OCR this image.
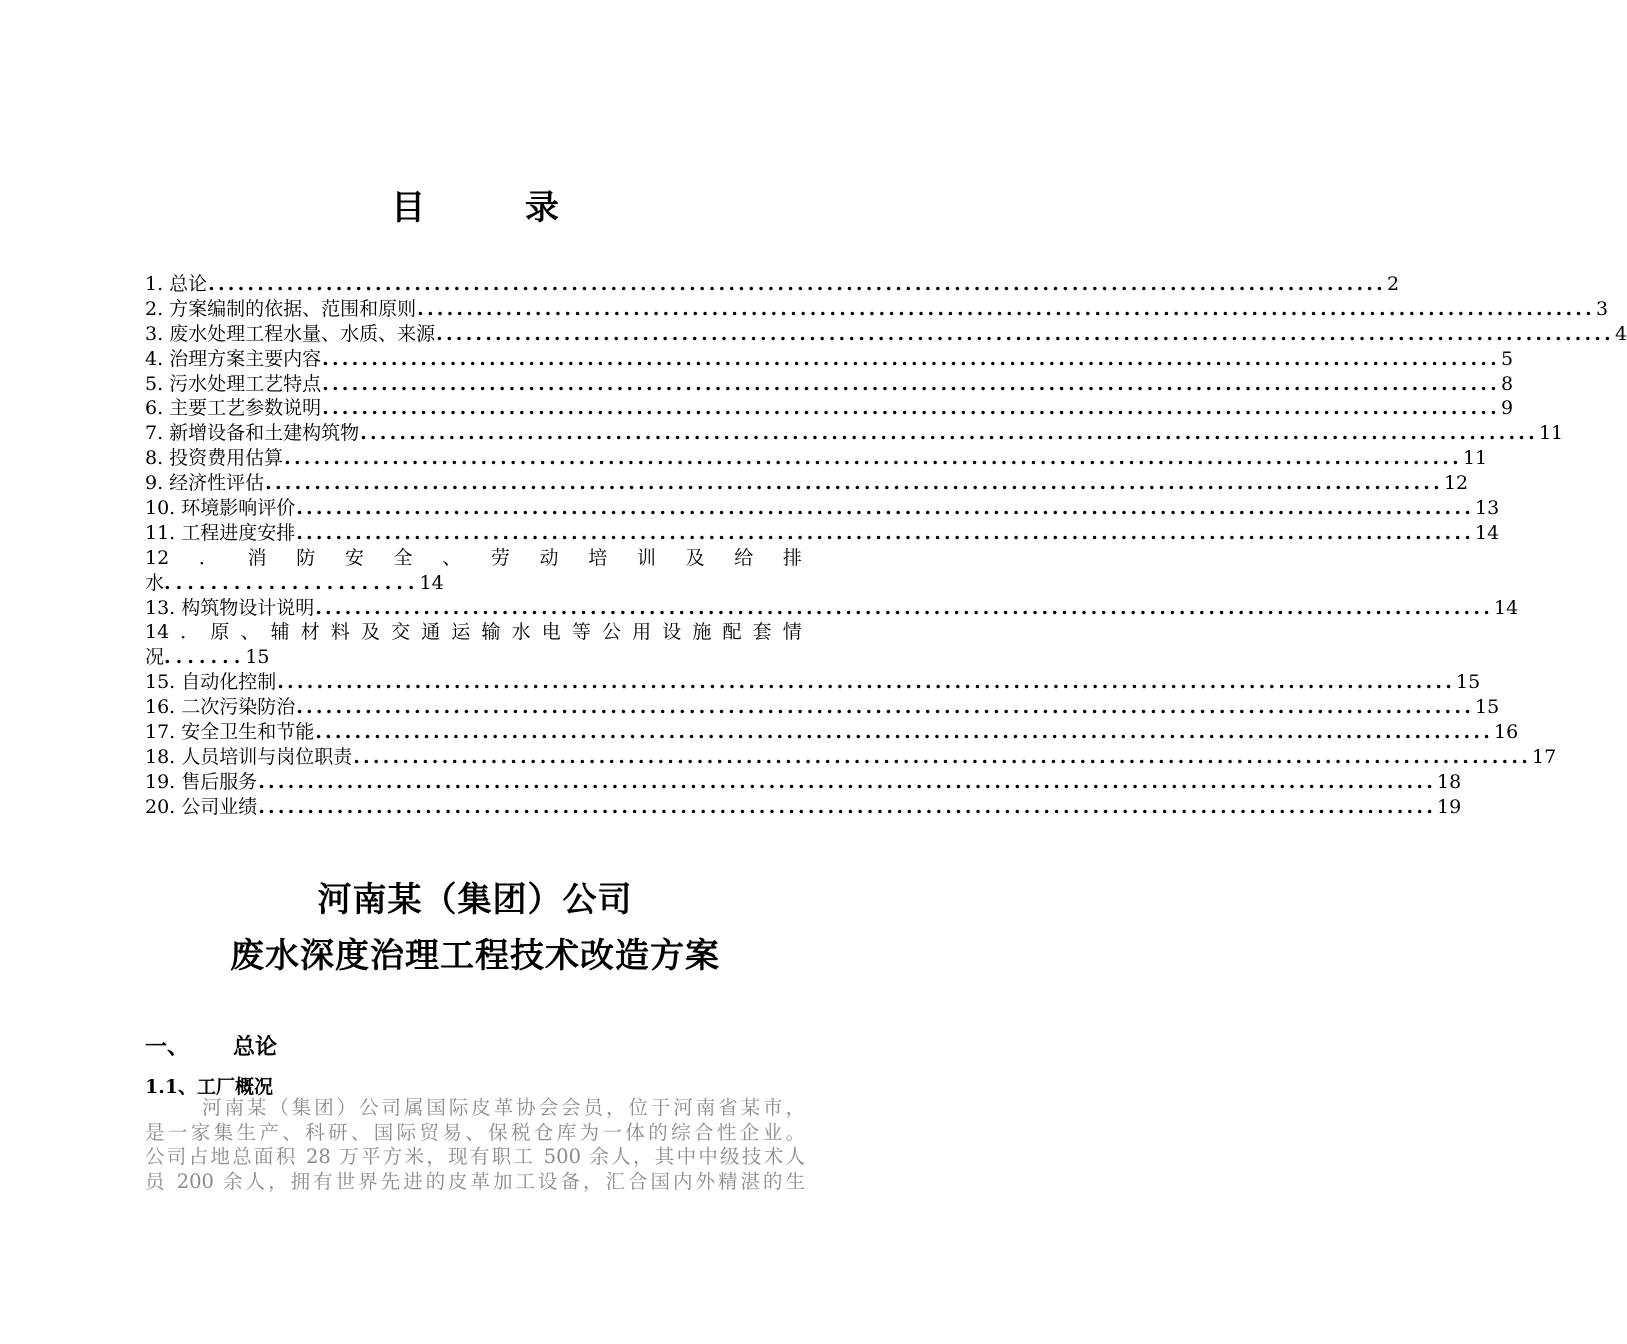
目 录
1. 总论 ........................................................................................................................ 2
2. 方案编制的依据、范围和原则 ........................................................................................................................ 3
3. 废水处理工程水量、水质、来源 ........................................................................................................................ 4
4. 治理方案主要内容 ........................................................................................................................ 5
5. 污水处理工艺特点 ........................................................................................................................ 8
6. 主要工艺参数说明 ........................................................................................................................ 9
7. 新增设备和土建构筑物 ........................................................................................................................ 11
8. 投资费用估算 ........................................................................................................................ 11
9. 经济性评估 ........................................................................................................................ 12
10. 环境影响评价 ........................................................................................................................ 13
11. 工程进度安排 ........................................................................................................................ 14
12 ． 消 防 安 全 、 劳 动 培 训 及 给 排
水 ...................... 14
13. 构筑物设计说明 ........................................................................................................................ 14
14 ． 原 、 辅 材 料 及 交 通 运 输 水 电 等 公 用 设 施 配 套 情
况 ....... 15
15. 自动化控制 ........................................................................................................................ 15
16. 二次污染防治 ........................................................................................................................ 15
17. 安全卫生和节能 ........................................................................................................................ 16
18. 人员培训与岗位职责 ........................................................................................................................ 17
19. 售后服务 ........................................................................................................................ 18
20. 公司业绩 ........................................................................................................................ 19
河南某（集团）公司
废水深度治理工程技术改造方案
一、 总论
1.1、工厂概况
河南某（集团）公司属国际皮革协会会员，位于河南省某市，
是一家集生产、科研、国际贸易、保税仓库为一体的综合性企业。
公司占地总面积 28 万平方米，现有职工 500 余人，其中中级技术人
员 200 余人，拥有世界先进的皮革加工设备，汇合国内外精湛的生
